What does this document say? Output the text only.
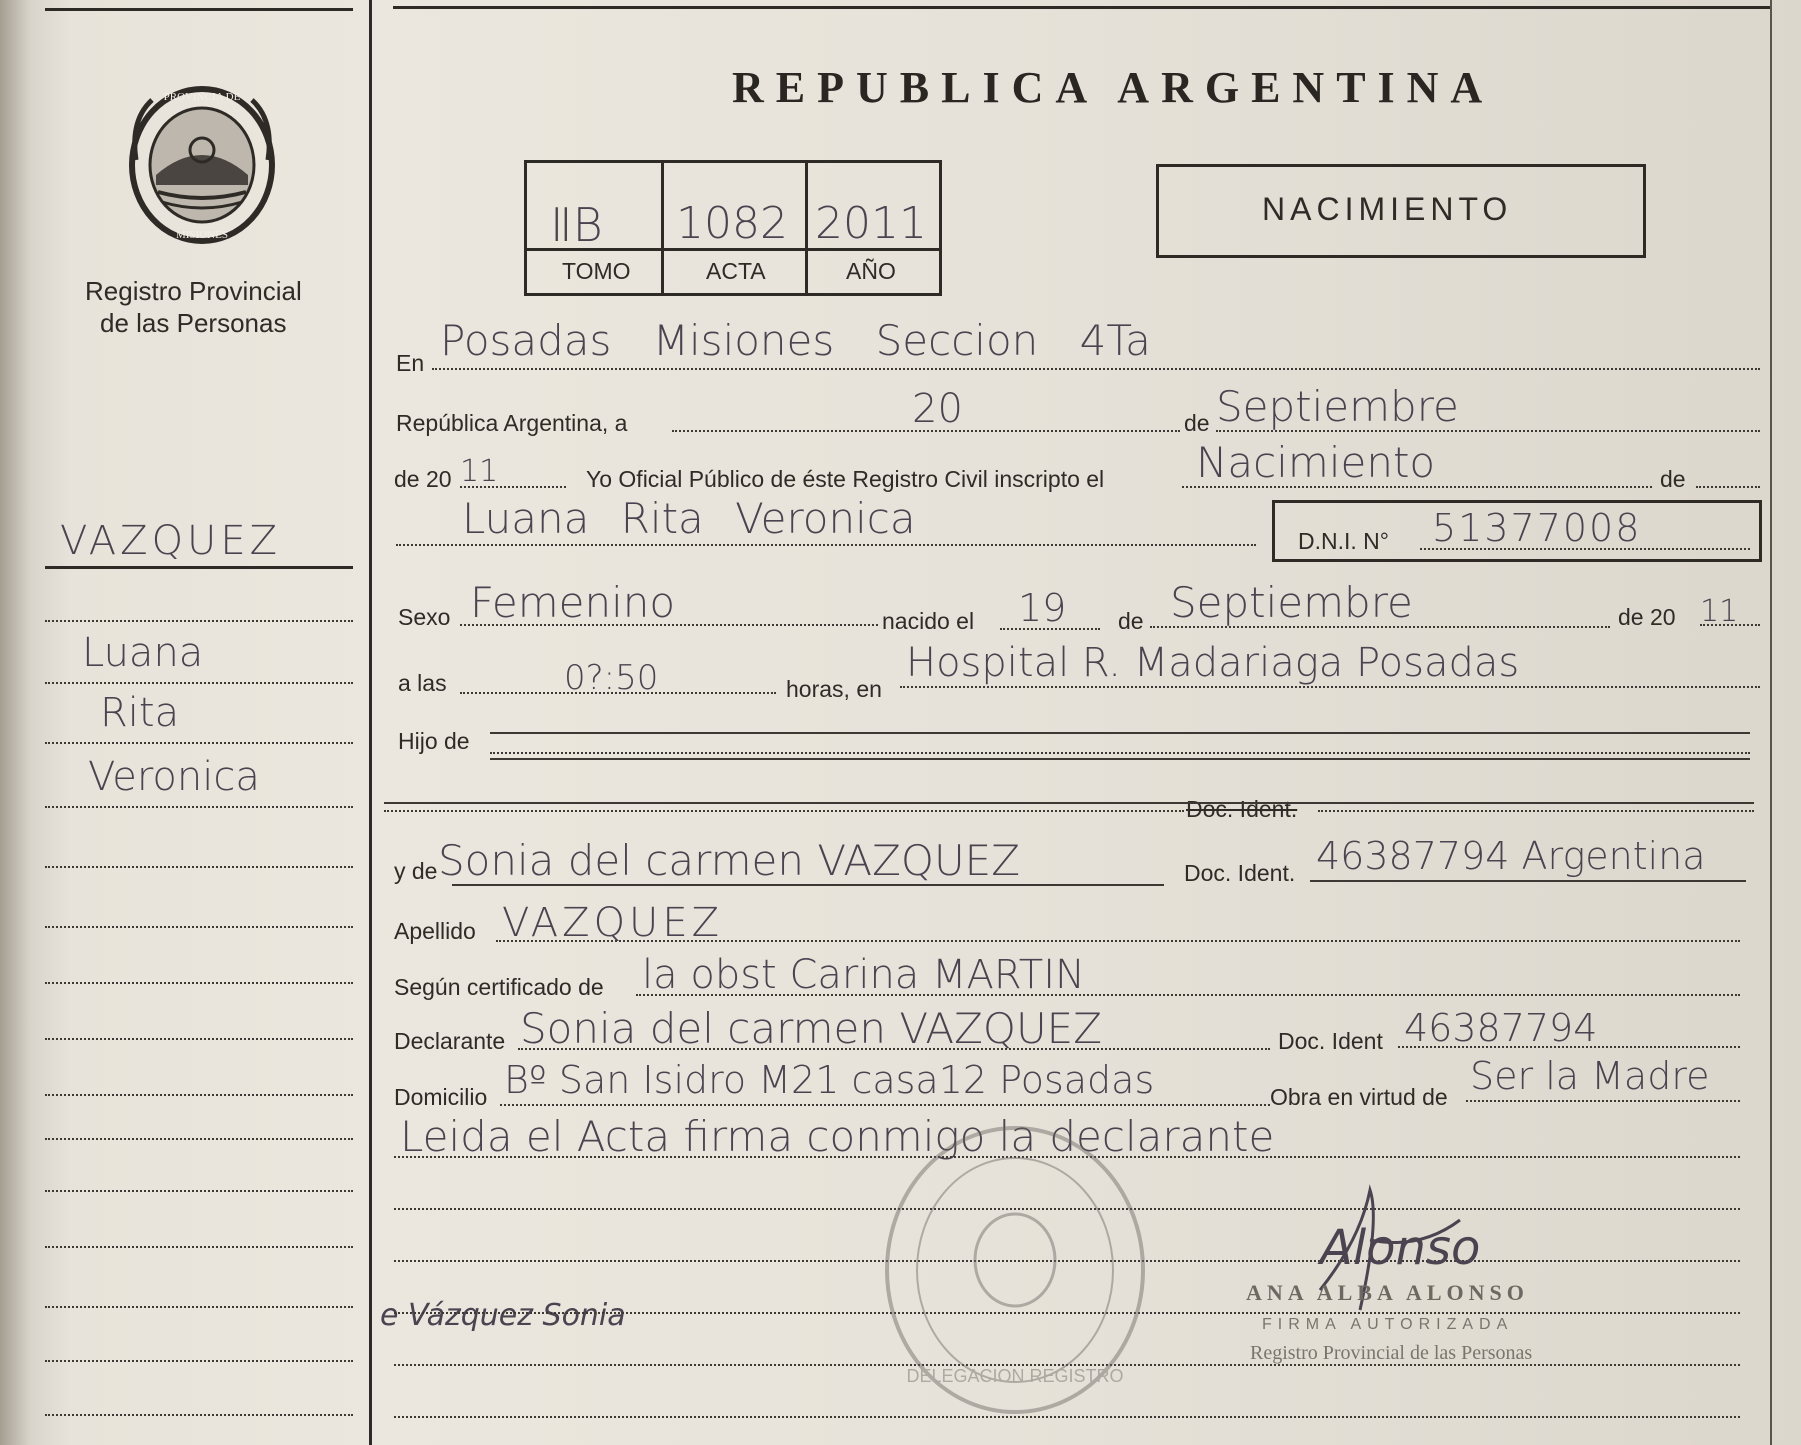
PROVINCIA DE
MISIONES
Registro Provincial
de las Personas
VAZQUEZ
Luana
Rita
Veronica
e Vázquez Sonia
REPUBLICA ARGENTINA
ⅡB 1082 2011
TOMO	ACTA	AÑO
NACIMIENTO
En Posadas Misiones Seccion 4Ta
República Argentina, a	20	de Septiembre
de 20 11	Yo Oficial Público de éste Registro Civil inscripto el Nacimiento	de
Luana Rita Veronica	D.N.I. N° 51377008
Sexo Femenino	nacido el 19 de Septiembre	de 20 11
a las	0?:50	horas, en
Hospital R. Madariaga Posadas
Hijo de
Doc. Ident.
y de Sonia del carmen VAZQUEZ	Doc. Ident. 46387794 Argentina
Apellido VAZQUEZ
Según certificado de la obst Carina MARTIN
Declarante Sonia del carmen VAZQUEZ	Doc. Ident 46387794
Domicilio Bº San Isidro M21 casa12 Posadas	Obra en virtud de Ser la Madre
Leida el Acta firma conmigo la declarante
DELEGACION REGISTRO
Alonso
ANA ALBA ALONSO
FIRMA AUTORIZADA
Registro Provincial de las Personas
